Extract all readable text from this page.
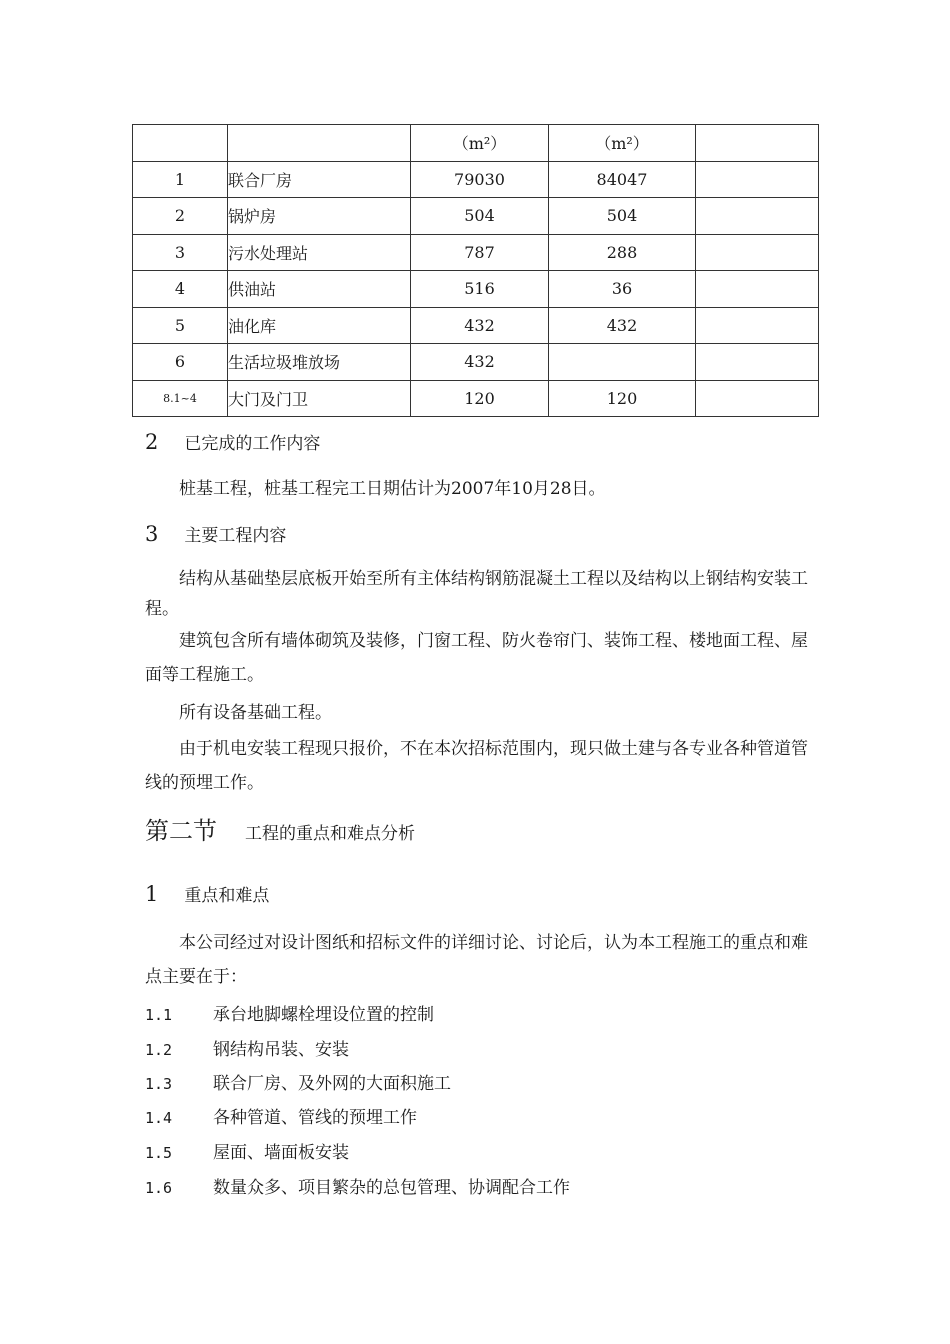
		（m²）	（m²）	
1	联合厂房	79030	84047	
2	锅炉房	504	504	
3	污水处理站	787	288	
4	供油站	516	36	
5	油化库	432	432	
6	生活垃圾堆放场	432		
8.1~4	大门及门卫	120	120	
2 已完成的工作内容
桩基工程，桩基工程完工日期估计为2007年10月28日。
3 主要工程内容
结构从基础垫层底板开始至所有主体结构钢筋混凝土工程以及结构以上钢结构安装工程。
建筑包含所有墙体砌筑及装修，门窗工程、防火卷帘门、装饰工程、楼地面工程、屋面等工程施工。
所有设备基础工程。
由于机电安装工程现只报价，不在本次招标范围内，现只做土建与各专业各种管道管线的预埋工作。
第二节 工程的重点和难点分析
1 重点和难点
本公司经过对设计图纸和招标文件的详细讨论、讨论后，认为本工程施工的重点和难点主要在于：
1.1 承台地脚螺栓埋设位置的控制
1.2 钢结构吊装、安装
1.3 联合厂房、及外网的大面积施工
1.4 各种管道、管线的预埋工作
1.5 屋面、墙面板安装
1.6 数量众多、项目繁杂的总包管理、协调配合工作
